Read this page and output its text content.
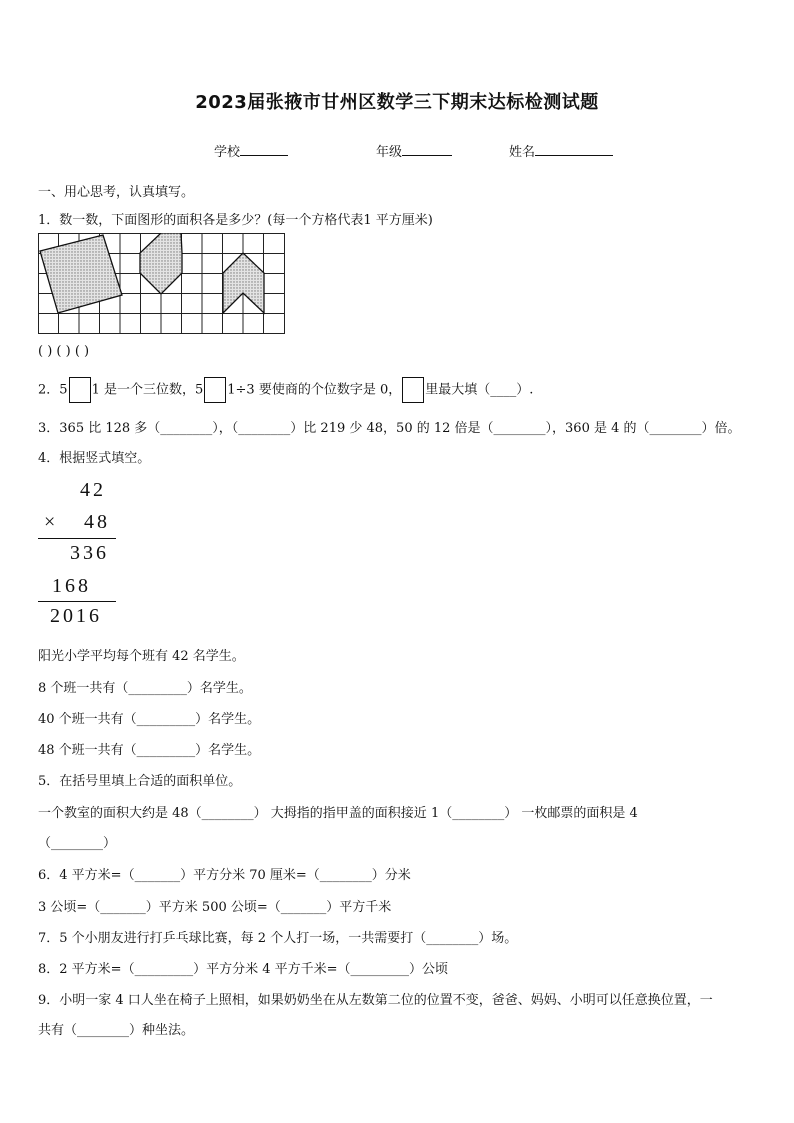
2023届张掖市甘州区数学三下期末达标检测试题
学校	年级	姓名
一、用心思考，认真填写。
1．数一数，下面图形的面积各是多少？(每一个方格代表1 平方厘米)
( ) ( ) ( )
2．5 1 是一个三位数，5 1÷3 要使商的个位数字是 0， 里最大填（____）.
3．365 比 128 多（________），（________）比 219 少 48，50 的 12 倍是（________），360 是 4 的（________）倍。
4．根据竖式填空。
42
× 48
336
168
2016
阳光小学平均每个班有 42 名学生。
8 个班一共有（_________）名学生。
40 个班一共有（_________）名学生。
48 个班一共有（_________）名学生。
5．在括号里填上合适的面积单位。
一个教室的面积大约是 48（________） 大拇指的指甲盖的面积接近 1（________） 一枚邮票的面积是 4
（________）
6．4 平方米=（_______）平方分米 70 厘米=（________）分米
3 公顷=（_______）平方米 500 公顷=（_______）平方千米
7．5 个小朋友进行打乒乓球比赛，每 2 个人打一场，一共需要打（________）场。
8．2 平方米=（_________）平方分米 4 平方千米=（_________）公顷
9．小明一家 4 口人坐在椅子上照相，如果奶奶坐在从左数第二位的位置不变，爸爸、妈妈、小明可以任意换位置，一
共有（________）种坐法。
